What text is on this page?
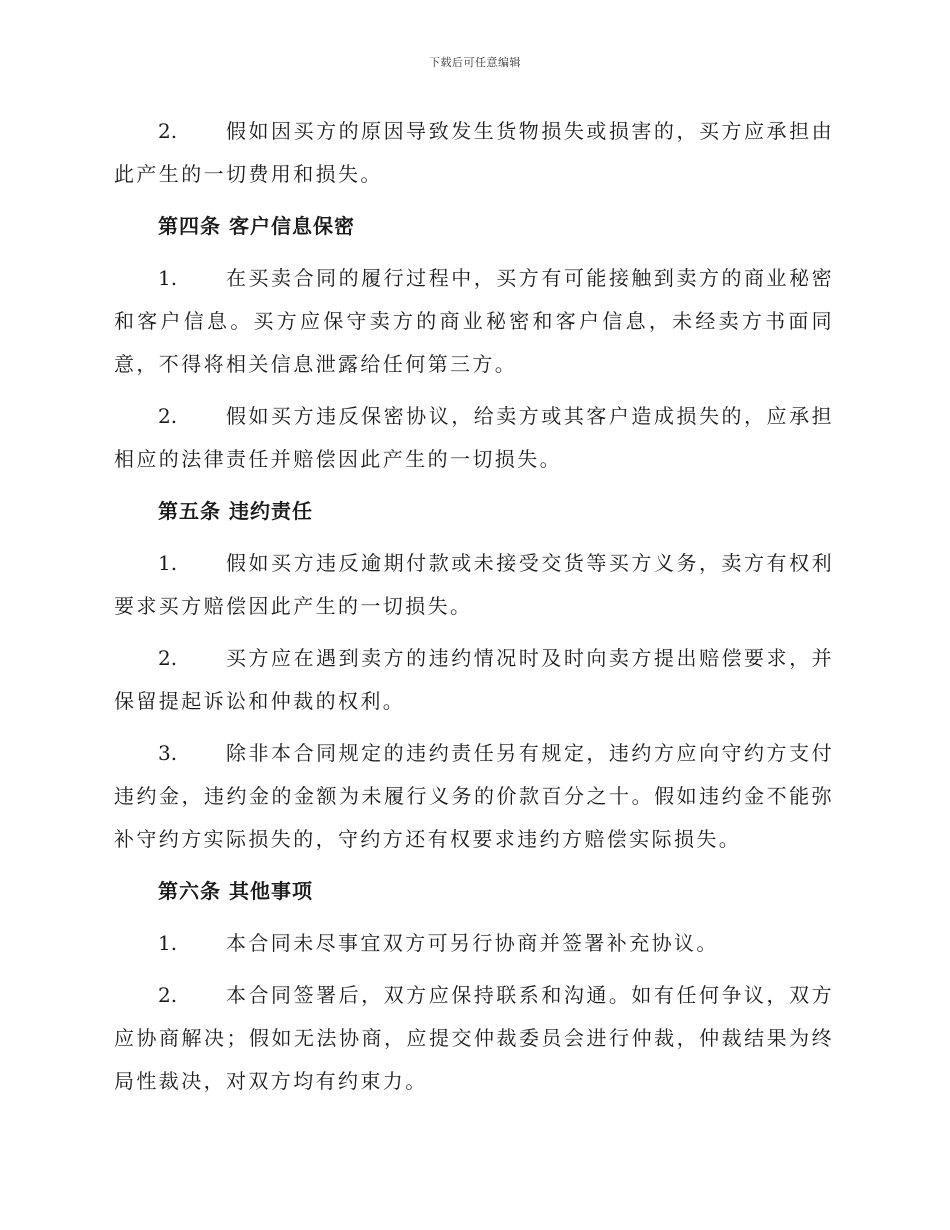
下载后可任意编辑

2. 假如因买方的原因导致发生货物损失或损害的，买方应承担由此产生的一切费用和损失。

第四条 客户信息保密

1. 在买卖合同的履行过程中，买方有可能接触到卖方的商业秘密和客户信息。买方应保守卖方的商业秘密和客户信息，未经卖方书面同意，不得将相关信息泄露给任何第三方。

2. 假如买方违反保密协议，给卖方或其客户造成损失的，应承担相应的法律责任并赔偿因此产生的一切损失。

第五条 违约责任

1. 假如买方违反逾期付款或未接受交货等买方义务，卖方有权利要求买方赔偿因此产生的一切损失。

2. 买方应在遇到卖方的违约情况时及时向卖方提出赔偿要求，并保留提起诉讼和仲裁的权利。

3. 除非本合同规定的违约责任另有规定，违约方应向守约方支付违约金，违约金的金额为未履行义务的价款百分之十。假如违约金不能弥补守约方实际损失的，守约方还有权要求违约方赔偿实际损失。

第六条 其他事项

1. 本合同未尽事宜双方可另行协商并签署补充协议。

2. 本合同签署后，双方应保持联系和沟通。如有任何争议，双方应协商解决；假如无法协商，应提交仲裁委员会进行仲裁，仲裁结果为终局性裁决，对双方均有约束力。
